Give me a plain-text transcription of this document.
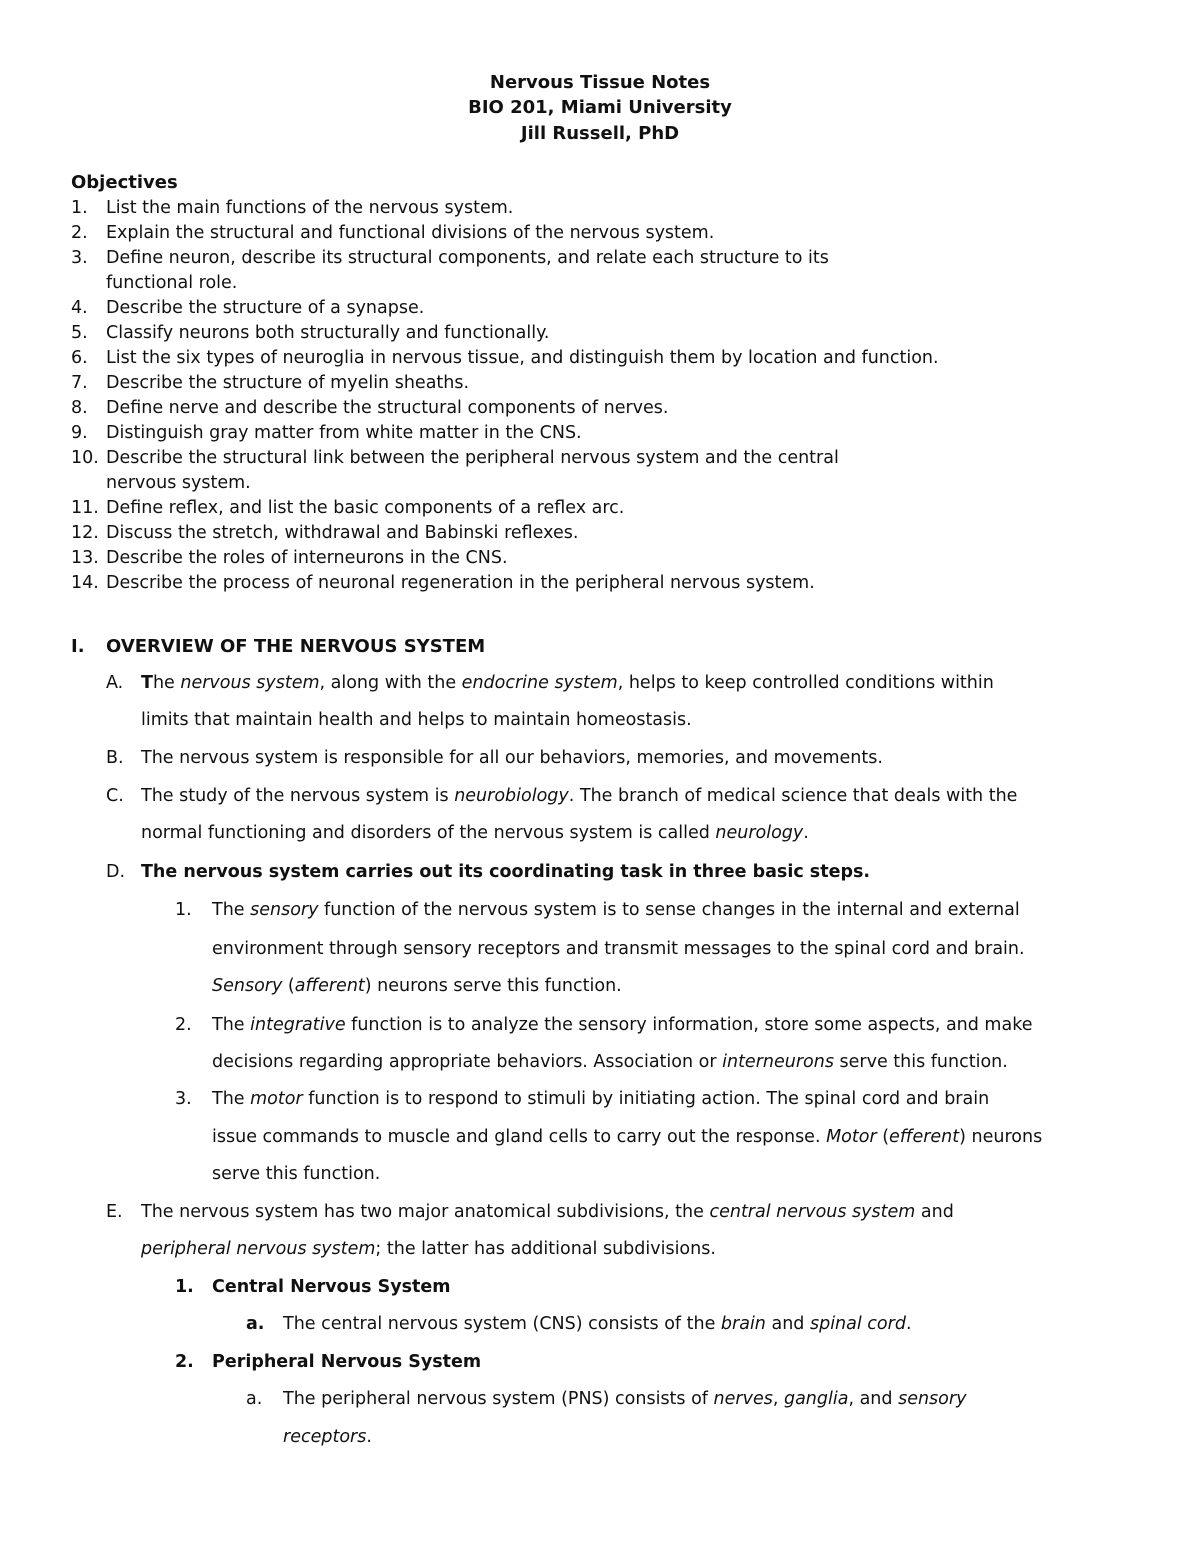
Nervous Tissue Notes
BIO 201, Miami University
Jill Russell, PhD
Objectives
1. List the main functions of the nervous system.
2. Explain the structural and functional divisions of the nervous system.
3. Define neuron, describe its structural components, and relate each structure to its
functional role.
4. Describe the structure of a synapse.
5. Classify neurons both structurally and functionally.
6. List the six types of neuroglia in nervous tissue, and distinguish them by location and function.
7. Describe the structure of myelin sheaths.
8. Define nerve and describe the structural components of nerves.
9. Distinguish gray matter from white matter in the CNS.
10. Describe the structural link between the peripheral nervous system and the central
nervous system.
11. Define reflex, and list the basic components of a reflex arc.
12. Discuss the stretch, withdrawal and Babinski reflexes.
13. Describe the roles of interneurons in the CNS.
14. Describe the process of neuronal regeneration in the peripheral nervous system.
I. OVERVIEW OF THE NERVOUS SYSTEM
A. The nervous system, along with the endocrine system, helps to keep controlled conditions within
limits that maintain health and helps to maintain homeostasis.
B. The nervous system is responsible for all our behaviors, memories, and movements.
C. The study of the nervous system is neurobiology. The branch of medical science that deals with the
normal functioning and disorders of the nervous system is called neurology.
D. The nervous system carries out its coordinating task in three basic steps.
1. The sensory function of the nervous system is to sense changes in the internal and external
environment through sensory receptors and transmit messages to the spinal cord and brain.
Sensory (afferent) neurons serve this function.
2. The integrative function is to analyze the sensory information, store some aspects, and make
decisions regarding appropriate behaviors. Association or interneurons serve this function.
3. The motor function is to respond to stimuli by initiating action. The spinal cord and brain
issue commands to muscle and gland cells to carry out the response. Motor (efferent) neurons
serve this function.
E. The nervous system has two major anatomical subdivisions, the central nervous system and
peripheral nervous system; the latter has additional subdivisions.
1. Central Nervous System
a. The central nervous system (CNS) consists of the brain and spinal cord.
2. Peripheral Nervous System
a. The peripheral nervous system (PNS) consists of nerves, ganglia, and sensory
receptors.
